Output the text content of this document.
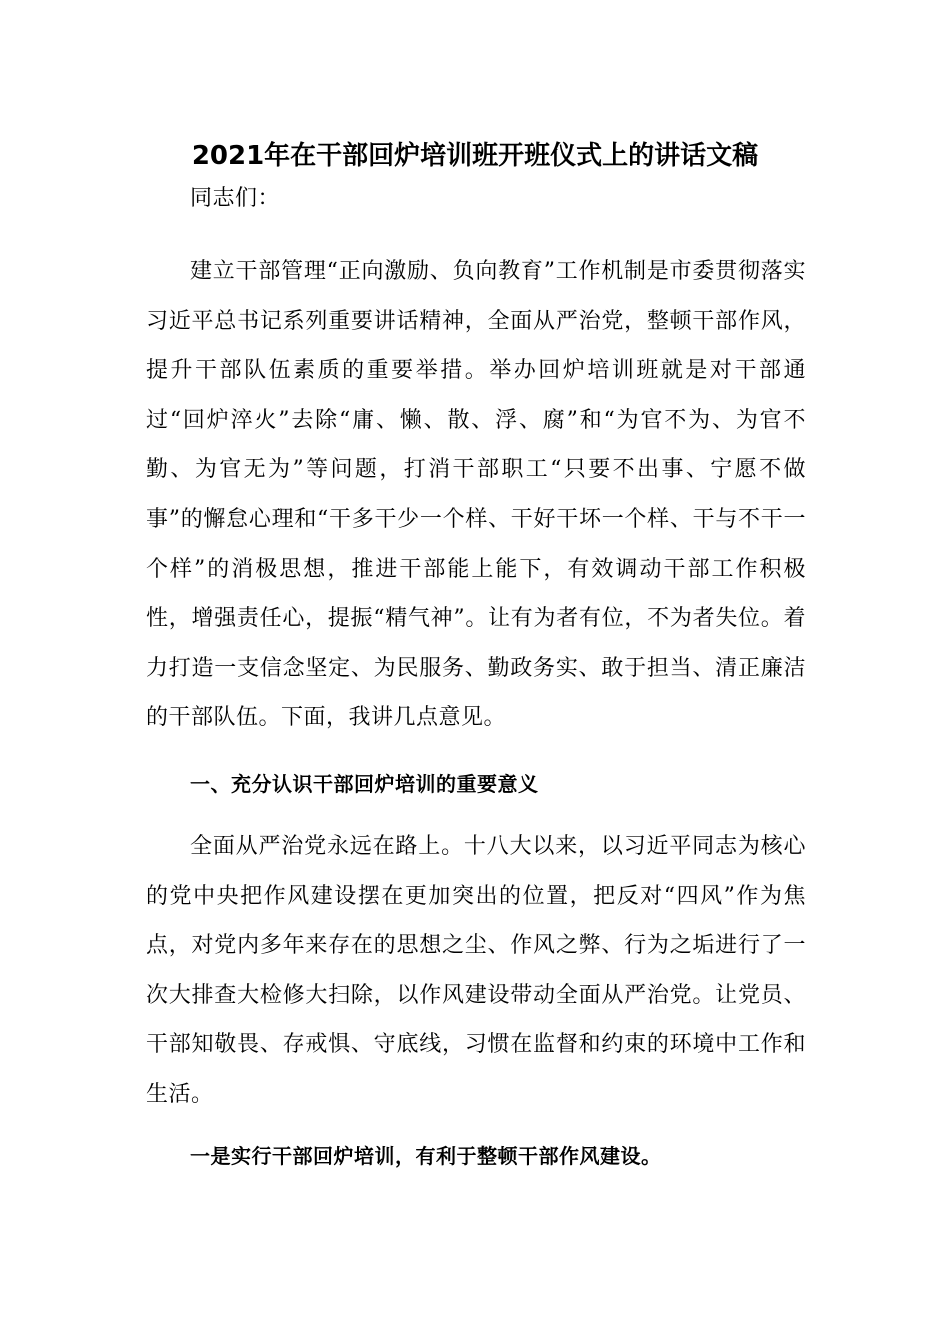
2021年在干部回炉培训班开班仪式上的讲话文稿
同志们：
建立干部管理“正向激励、负向教育”工作机制是市委贯彻落实习近平总书记系列重要讲话精神，全面从严治党，整顿干部作风，提升干部队伍素质的重要举措。举办回炉培训班就是对干部通过“回炉淬火”去除“庸、懒、散、浮、腐”和“为官不为、为官不勤、为官无为”等问题，打消干部职工“只要不出事、宁愿不做事”的懈怠心理和“干多干少一个样、干好干坏一个样、干与不干一个样”的消极思想，推进干部能上能下，有效调动干部工作积极性，增强责任心，提振“精气神”。让有为者有位，不为者失位。着力打造一支信念坚定、为民服务、勤政务实、敢于担当、清正廉洁的干部队伍。下面，我讲几点意见。
一、充分认识干部回炉培训的重要意义
全面从严治党永远在路上。十八大以来，以习近平同志为核心的党中央把作风建设摆在更加突出的位置，把反对“四风”作为焦点，对党内多年来存在的思想之尘、作风之弊、行为之垢进行了一次大排查大检修大扫除，以作风建设带动全面从严治党。让党员、干部知敬畏、存戒惧、守底线，习惯在监督和约束的环境中工作和生活。
一是实行干部回炉培训，有利于整顿干部作风建设。
